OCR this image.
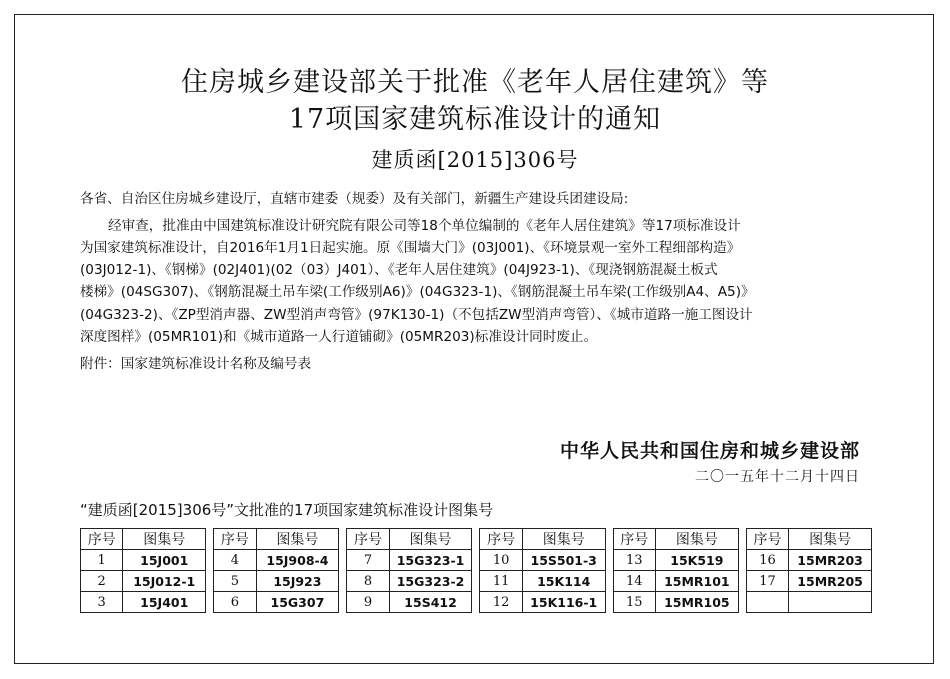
住房城乡建设部关于批准《老年人居住建筑》等
17项国家建筑标准设计的通知
建质函[2015]306号
各省、自治区住房城乡建设厅，直辖市建委（规委）及有关部门，新疆生产建设兵团建设局:
经审查，批准由中国建筑标准设计研究院有限公司等18个单位编制的《老年人居住建筑》等17项标准设计
为国家建筑标准设计，自2016年1月1日起实施。原《围墙大门》(03J001)、《环境景观一室外工程细部构造》
(03J012-1)、《钢梯》(02J401)(02（03）J401）、《老年人居住建筑》(04J923-1)、《现浇钢筋混凝土板式
楼梯》(04SG307)、《钢筋混凝土吊车梁(工作级别A6)》(04G323-1)、《钢筋混凝土吊车梁(工作级别A4、A5)》
(04G323-2)、《ZP型消声器、ZW型消声弯管》(97K130-1)（不包括ZW型消声弯管）、《城市道路一施工图设计
深度图样》(05MR101)和《城市道路一人行道铺砌》(05MR203)标准设计同时废止。
附件：国家建筑标准设计名称及编号表
中华人民共和国住房和城乡建设部
二〇一五年十二月十四日
“建质函[2015]306号”文批准的17项国家建筑标准设计图集号
序号	图集号		序号	图集号		序号	图集号		序号	图集号		序号	图集号		序号	图集号
1	15J001		4	15J908-4		7	15G323-1		10	15S501-3		13	15K519		16	15MR203
2	15J012-1		5	15J923		8	15G323-2		11	15K114		14	15MR101		17	15MR205
3	15J401		6	15G307		9	15S412		12	15K116-1		15	15MR105			
